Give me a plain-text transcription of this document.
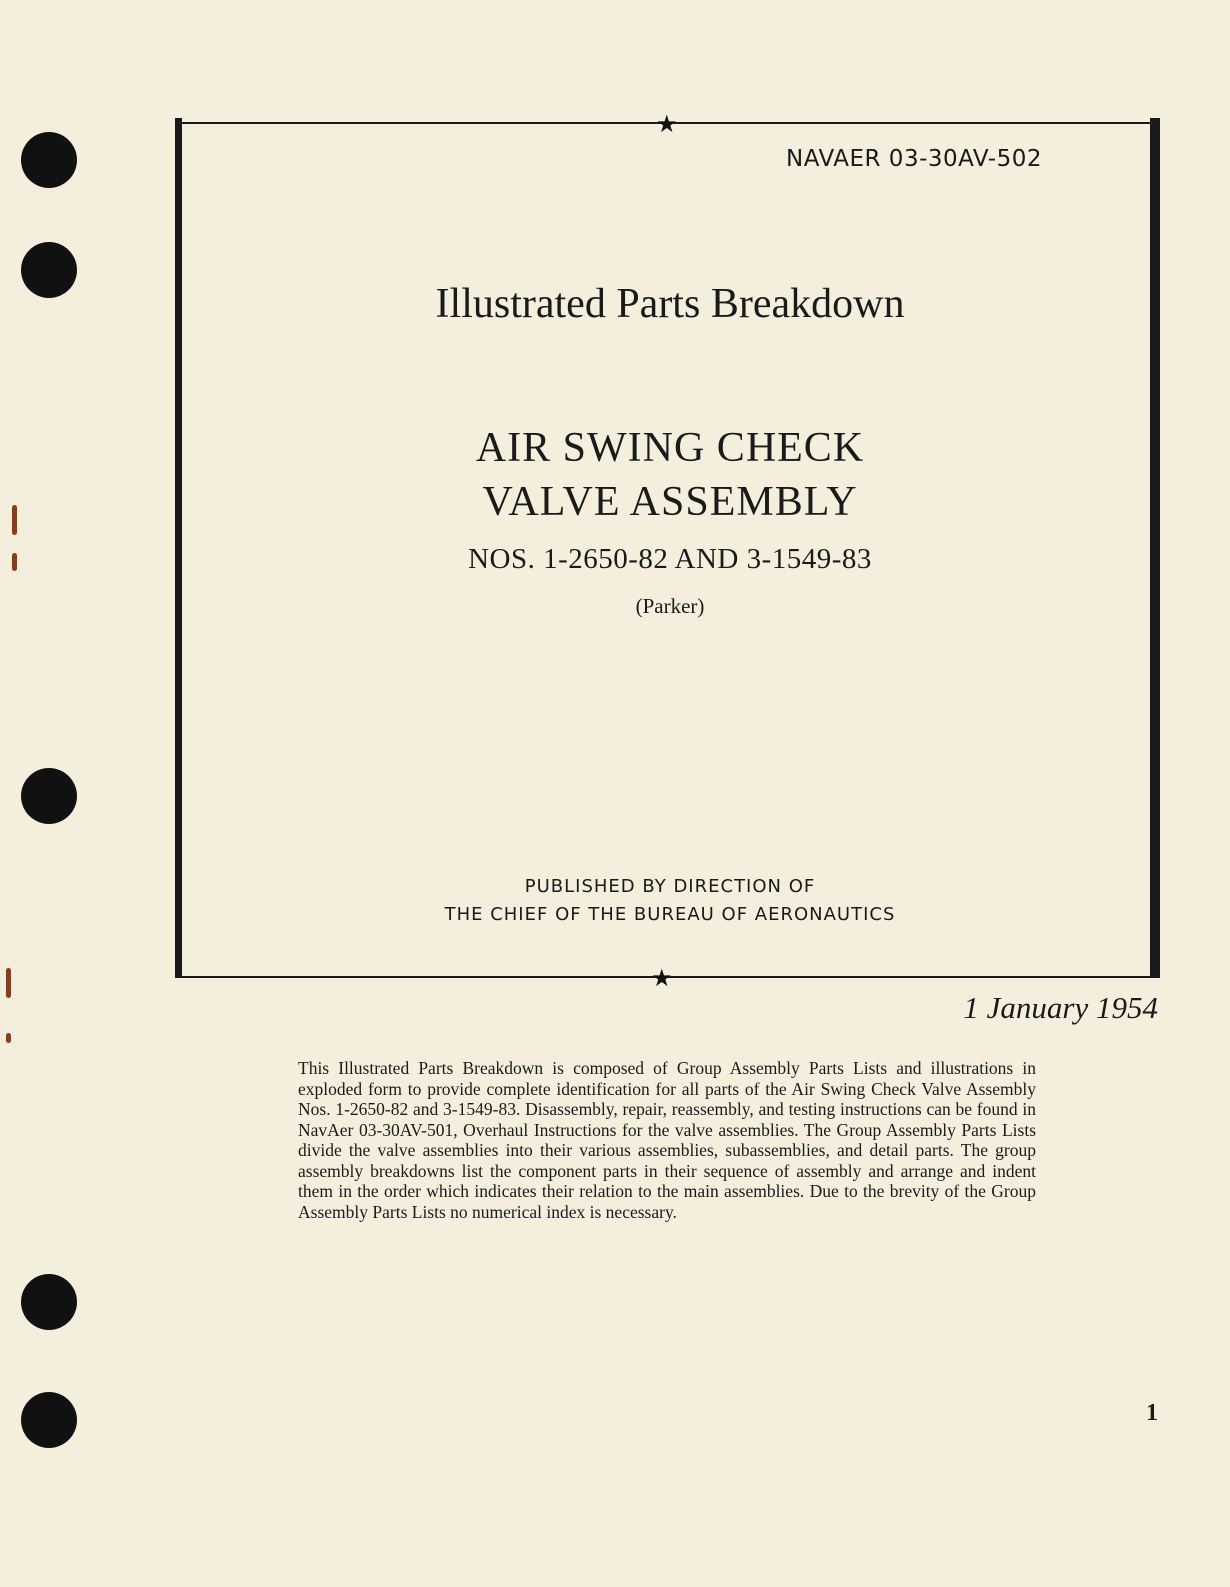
★
★
NAVAER 03-30AV-502
Illustrated Parts Breakdown
AIR SWING CHECK
VALVE ASSEMBLY
NOS. 1-2650-82 AND 3-1549-83
(Parker)
PUBLISHED BY DIRECTION OF
THE CHIEF OF THE BUREAU OF AERONAUTICS
1 January 1954
This Illustrated Parts Breakdown is composed of Group Assembly Parts Lists and illustrations in exploded form to provide complete identification for all parts of the Air Swing Check Valve Assembly Nos. 1-2650-82 and 3-1549-83. Disassembly, repair, reassembly, and testing instructions can be found in NavAer 03-30AV-501, Overhaul Instructions for the valve assemblies. The Group Assembly Parts Lists divide the valve assemblies into their various assemblies, subassemblies, and detail parts. The group assembly breakdowns list the component parts in their sequence of assembly and arrange and indent them in the order which indicates their relation to the main assemblies. Due to the brevity of the Group Assembly Parts Lists no numerical index is necessary.
1
